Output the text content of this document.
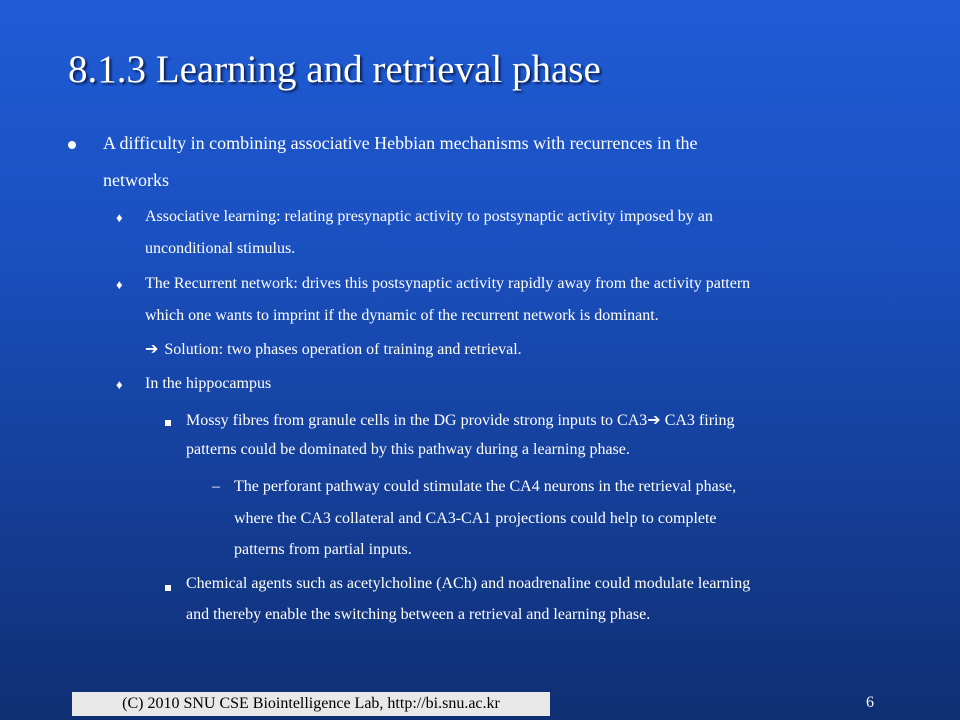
8.1.3 Learning and retrieval phase
A difficulty in combining associative Hebbian mechanisms with recurrences in the
networks
♦ Associative learning: relating presynaptic activity to postsynaptic activity imposed by an
unconditional stimulus.
♦ The Recurrent network: drives this postsynaptic activity rapidly away from the activity pattern
which one wants to imprint if the dynamic of the recurrent network is dominant.
➔ Solution: two phases operation of training and retrieval.
♦ In the hippocampus
Mossy fibres from granule cells in the DG provide strong inputs to CA3➔ CA3 firing
patterns could be dominated by this pathway during a learning phase.
– The perforant pathway could stimulate the CA4 neurons in the retrieval phase,
where the CA3 collateral and CA3-CA1 projections could help to complete
patterns from partial inputs.
Chemical agents such as acetylcholine (ACh) and noadrenaline could modulate learning
and thereby enable the switching between a retrieval and learning phase.
(C) 2010 SNU CSE Biointelligence Lab, http://bi.snu.ac.kr	6
